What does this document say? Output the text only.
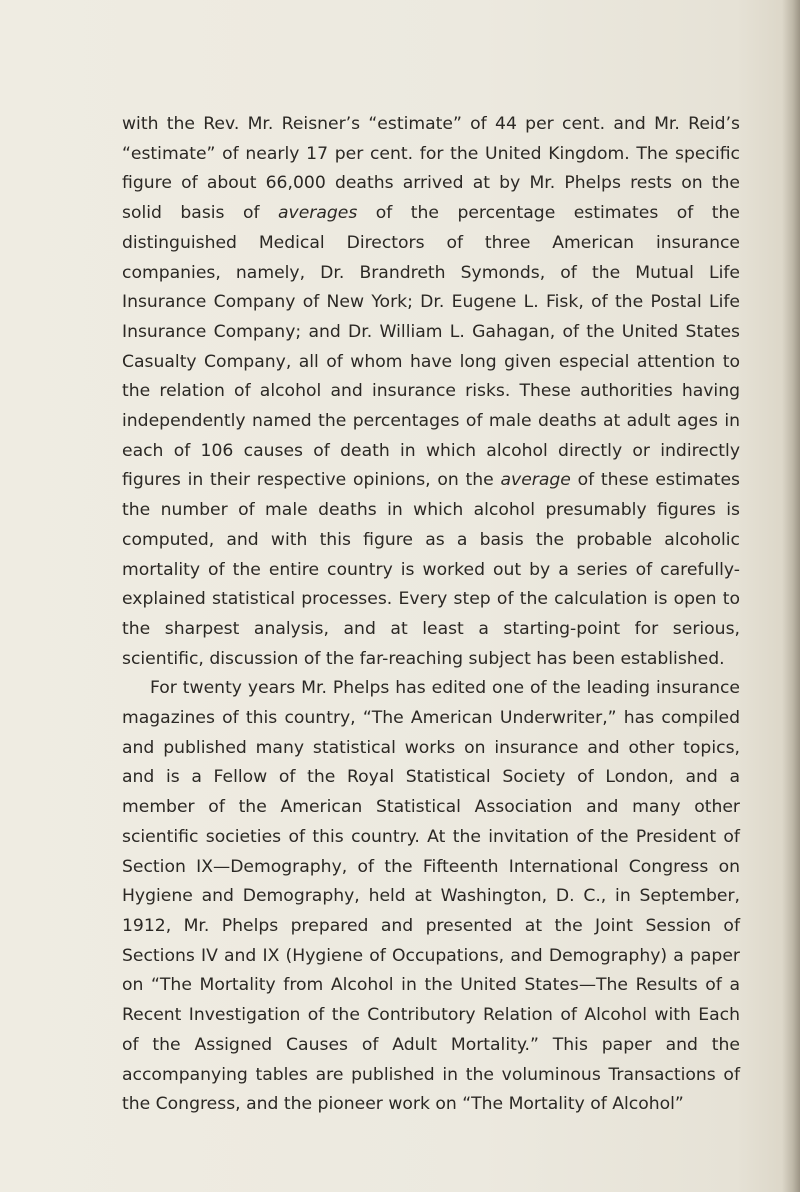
with the Rev. Mr. Reisner’s “estimate” of 44 per cent. and Mr. Reid’s “estimate” of nearly 17 per cent. for the United Kingdom. The specific figure of about 66,000 deaths arrived at by Mr. Phelps rests on the solid basis of averages of the percentage estimates of the distinguished Medical Directors of three American insurance companies, namely, Dr. Brandreth Symonds, of the Mutual Life Insurance Company of New York; Dr. Eugene L. Fisk, of the Postal Life Insurance Company; and Dr. William L. Gahagan, of the United States Casualty Company, all of whom have long given especial attention to the relation of alcohol and insurance risks. These authorities having independently named the percentages of male deaths at adult ages in each of 106 causes of death in which alcohol directly or indirectly figures in their respective opinions, on the average of these estimates the number of male deaths in which alcohol presumably figures is computed, and with this figure as a basis the probable alcoholic mortality of the entire country is worked out by a series of carefully-explained statistical processes. Every step of the calculation is open to the sharpest analysis, and at least a starting-point for serious, scientific, discussion of the far-reaching subject has been established.

For twenty years Mr. Phelps has edited one of the leading insurance magazines of this country, “The American Underwriter,” has compiled and published many statistical works on insurance and other topics, and is a Fellow of the Royal Statistical Society of London, and a member of the American Statistical Association and many other scientific societies of this country. At the invitation of the President of Section IX—Demography, of the Fifteenth International Congress on Hygiene and Demography, held at Washington, D. C., in September, 1912, Mr. Phelps prepared and presented at the Joint Session of Sections IV and IX (Hygiene of Occupations, and Demography) a paper on “The Mortality from Alcohol in the United States—The Results of a Recent Investigation of the Contributory Relation of Alcohol with Each of the Assigned Causes of Adult Mortality.” This paper and the accompanying tables are published in the voluminous Transactions of the Congress, and the pioneer work on “The Mortality of Alcohol”
